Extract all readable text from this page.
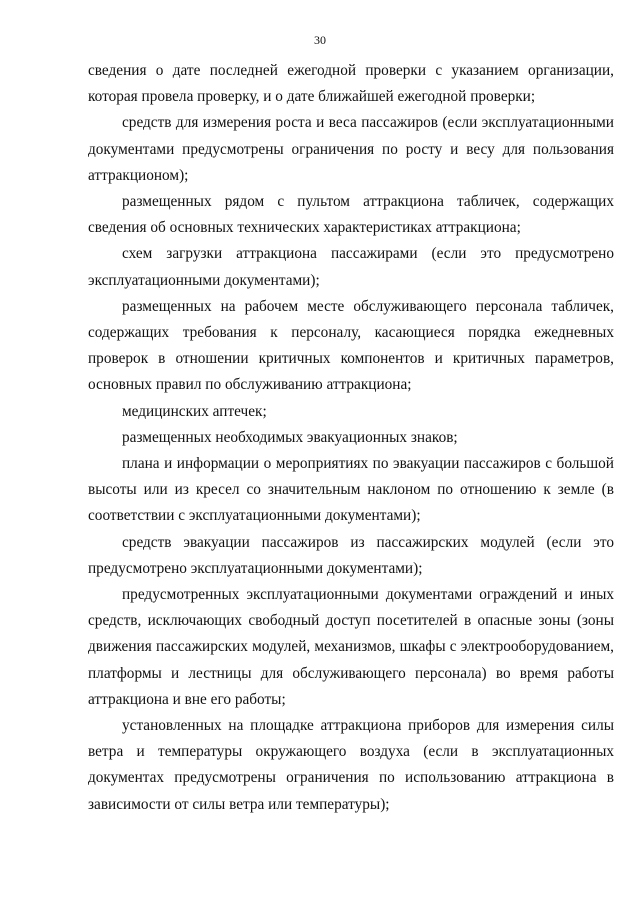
30

сведения о дате последней ежегодной проверки с указанием организации, которая провела проверку, и о дате ближайшей ежегодной проверки;

средств для измерения роста и веса пассажиров (если эксплуатационными документами предусмотрены ограничения по росту и весу для пользования аттракционом);

размещенных рядом с пультом аттракциона табличек, содержащих сведения об основных технических характеристиках аттракциона;

схем загрузки аттракциона пассажирами (если это предусмотрено эксплуатационными документами);

размещенных на рабочем месте обслуживающего персонала табличек, содержащих требования к персоналу, касающиеся порядка ежедневных проверок в отношении критичных компонентов и критичных параметров, основных правил по обслуживанию аттракциона;

медицинских аптечек;

размещенных необходимых эвакуационных знаков;

плана и информации о мероприятиях по эвакуации пассажиров с большой высоты или из кресел со значительным наклоном по отношению к земле (в соответствии с эксплуатационными документами);

средств эвакуации пассажиров из пассажирских модулей (если это предусмотрено эксплуатационными документами);

предусмотренных эксплуатационными документами ограждений и иных средств, исключающих свободный доступ посетителей в опасные зоны (зоны движения пассажирских модулей, механизмов, шкафы с электрооборудованием, платформы и лестницы для обслуживающего персонала) во время работы аттракциона и вне его работы;

установленных на площадке аттракциона приборов для измерения силы ветра и температуры окружающего воздуха (если в эксплуатационных документах предусмотрены ограничения по использованию аттракциона в зависимости от силы ветра или температуры);
